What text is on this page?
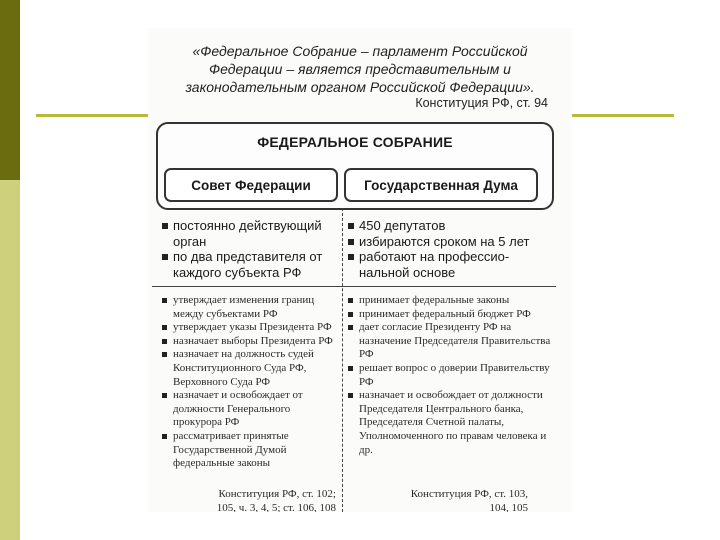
«Федеральное Собрание – парламент Российской
Федерации – является представительным и
законодательным органом Российской Федерации».
Конституция РФ, ст. 94
ФЕДЕРАЛЬНОЕ СОБРАНИЕ
Совет Федерации	Государственная Дума
постоянно действующий орган
по два представителя от каждого субъекта РФ
450 депутатов
избираются сроком на 5 лет
работают на профессио-нальной основе
утверждает изменения границ между субъектами РФ
утверждает указы Президента РФ
назначает выборы Президента РФ
назначает на должность судей Конституционного Суда РФ, Верховного Суда РФ
назначает и освобождает от должности Генерального прокурора РФ
рассматривает принятые Государственной Думой федеральные законы
принимает федеральные законы
принимает федеральный бюджет РФ
дает согласие Президенту РФ на назначение Председателя Правительства РФ
решает вопрос о доверии Правительству РФ
назначает и освобождает от должности Председателя Центрального банка, Председателя Счетной палаты, Уполномоченного по правам человека и др.
Конституция РФ, ст. 102;
105, ч. 3, 4, 5; ст. 106, 108
Конституция РФ, ст. 103,
104, 105
